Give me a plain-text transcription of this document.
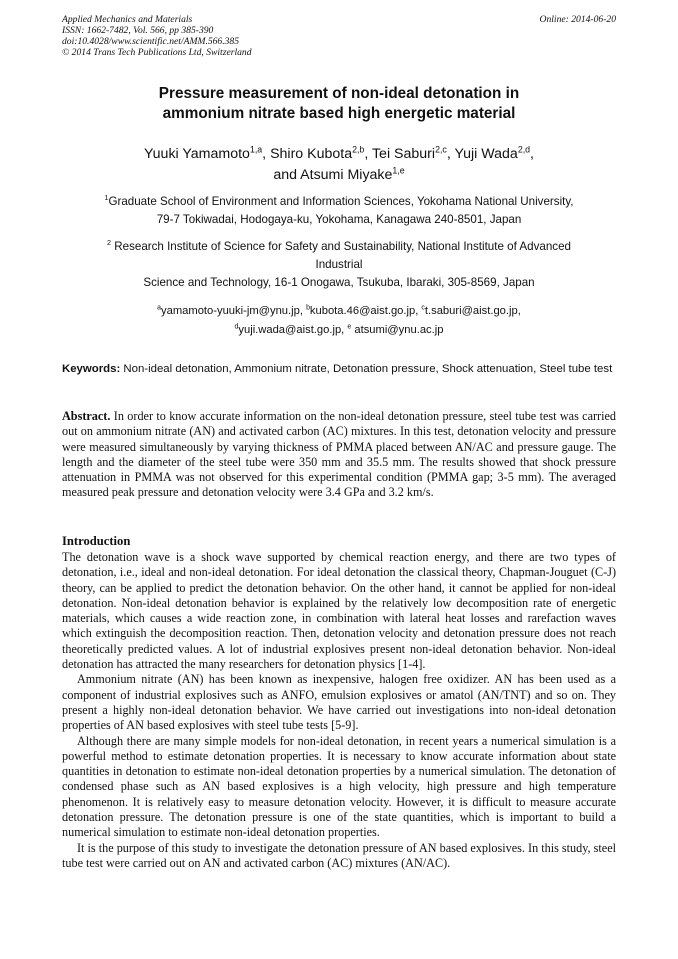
Applied Mechanics and Materials
ISSN: 1662-7482, Vol. 566, pp 385-390
doi:10.4028/www.scientific.net/AMM.566.385
© 2014 Trans Tech Publications Ltd, Switzerland
Online: 2014-06-20
Pressure measurement of non-ideal detonation in
ammonium nitrate based high energetic material
Yuuki Yamamoto$^{1,a}$, Shiro Kubota$^{2,b}$, Tei Saburi$^{2,c}$, Yuji Wada$^{2,d}$,
and Atsumi Miyake$^{1,e}$
$^1$Graduate School of Environment and Information Sciences, Yokohama National University,
79-7 Tokiwadai, Hodogaya-ku, Yokohama, Kanagawa 240-8501, Japan
$^2$ Research Institute of Science for Safety and Sustainability, National Institute of Advanced
Industrial
Science and Technology, 16-1 Onogawa, Tsukuba, Ibaraki, 305-8569, Japan
$^a$yamamoto-yuuki-jm@ynu.jp, $^b$kubota.46@aist.go.jp, $^c$t.saburi@aist.go.jp,
$^d$yuji.wada@aist.go.jp, $^e$ atsumi@ynu.ac.jp
Keywords: Non-ideal detonation, Ammonium nitrate, Detonation pressure, Shock attenuation, Steel tube test
Abstract. In order to know accurate information on the non-ideal detonation pressure, steel tube test was carried out on ammonium nitrate (AN) and activated carbon (AC) mixtures. In this test, detonation velocity and pressure were measured simultaneously by varying thickness of PMMA placed between AN/AC and pressure gauge. The length and the diameter of the steel tube were 350 mm and 35.5 mm. The results showed that shock pressure attenuation in PMMA was not observed for this experimental condition (PMMA gap; 3-5 mm). The averaged measured peak pressure and detonation velocity were 3.4 GPa and 3.2 km/s.
Introduction

The detonation wave is a shock wave supported by chemical reaction energy, and there are two types of detonation, i.e., ideal and non-ideal detonation. For ideal detonation the classical theory, Chapman-Jouguet (C-J) theory, can be applied to predict the detonation behavior. On the other hand, it cannot be applied for non-ideal detonation. Non-ideal detonation behavior is explained by the relatively low decomposition rate of energetic materials, which causes a wide reaction zone, in combination with lateral heat losses and rarefaction waves which extinguish the decomposition reaction. Then, detonation velocity and detonation pressure does not reach theoretically predicted values. A lot of industrial explosives present non-ideal detonation behavior. Non-ideal detonation has attracted the many researchers for detonation physics [1-4].

Ammonium nitrate (AN) has been known as inexpensive, halogen free oxidizer. AN has been used as a component of industrial explosives such as ANFO, emulsion explosives or amatol (AN/TNT) and so on. They present a highly non-ideal detonation behavior. We have carried out investigations into non-ideal detonation properties of AN based explosives with steel tube tests [5-9].

Although there are many simple models for non-ideal detonation, in recent years a numerical simulation is a powerful method to estimate detonation properties. It is necessary to know accurate information about state quantities in detonation to estimate non-ideal detonation properties by a numerical simulation. The detonation of condensed phase such as AN based explosives is a high velocity, high pressure and high temperature phenomenon. It is relatively easy to measure detonation velocity. However, it is difficult to measure accurate detonation pressure. The detonation pressure is one of the state quantities, which is important to build a numerical simulation to estimate non-ideal detonation properties.

It is the purpose of this study to investigate the detonation pressure of AN based explosives. In this study, steel tube test were carried out on AN and activated carbon (AC) mixtures (AN/AC).
